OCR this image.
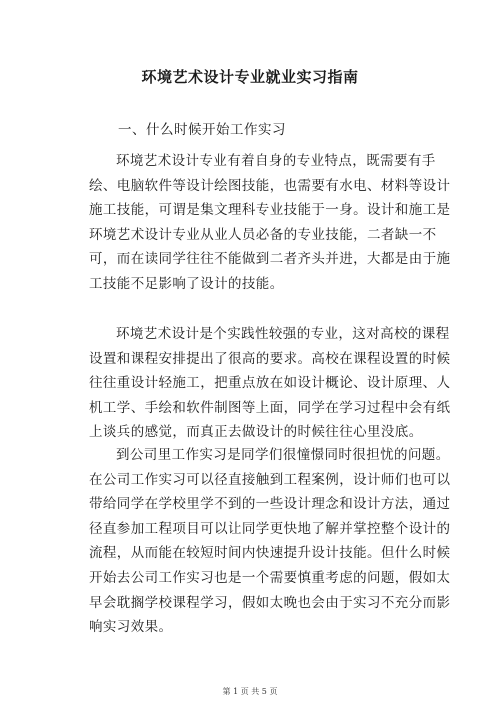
环境艺术设计专业就业实习指南
一、什么时候开始工作实习
环境艺术设计专业有着自身的专业特点，既需要有手
绘、电脑软件等设计绘图技能，也需要有水电、材料等设计
施工技能，可谓是集文理科专业技能于一身。设计和施工是
环境艺术设计专业从业人员必备的专业技能，二者缺一不
可，而在读同学往往不能做到二者齐头并进，大都是由于施
工技能不足影响了设计的技能。
环境艺术设计是个实践性较强的专业，这对高校的课程
设置和课程安排提出了很高的要求。高校在课程设置的时候
往往重设计轻施工，把重点放在如设计概论、设计原理、人
机工学、手绘和软件制图等上面，同学在学习过程中会有纸
上谈兵的感觉，而真正去做设计的时候往往心里没底。
到公司里工作实习是同学们很憧憬同时很担忧的问题。
在公司工作实习可以径直接触到工程案例，设计师们也可以
带给同学在学校里学不到的一些设计理念和设计方法，通过
径直参加工程项目可以让同学更快地了解并掌控整个设计的
流程，从而能在较短时间内快速提升设计技能。但什么时候
开始去公司工作实习也是一个需要慎重考虑的问题，假如太
早会耽搁学校课程学习，假如太晚也会由于实习不充分而影
响实习效果。
第 1 页 共 5 页
